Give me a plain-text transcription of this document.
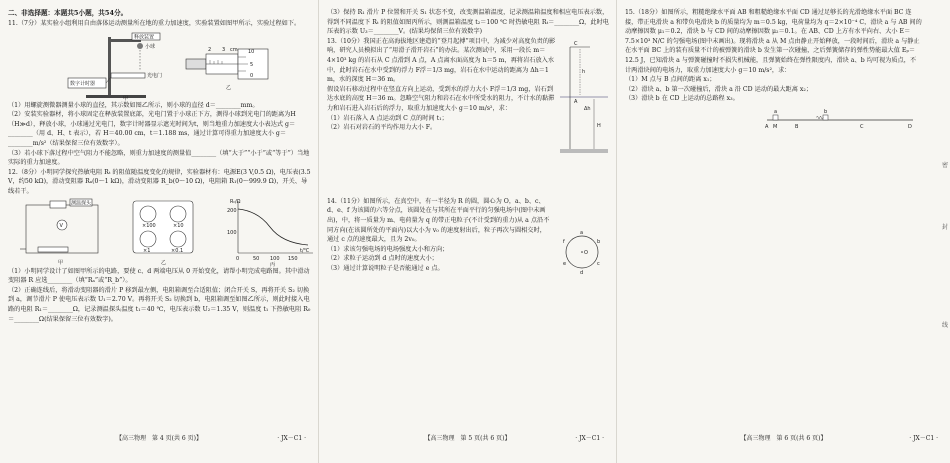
二、非选择题：本题共5小题，共54分。

11.（7分）某实验小组利用自由落体运动测量所在地的重力加速度，实验装置如图甲所示，实验过程如下。

释放装置
小球
光电门
数字计时器
甲
10
5
0
2 3 cm
乙

（1）用螺旋测微器测量小球的直径，其示数如图乙所示，则小球的直径 d＝________mm。

（2）安装实验器材，将小球固定在释放装置底部，光电门置于小球正下方，测得小球到光电门的距离为H（H≫d），释放小球，小球通过光电门，数字计时器显示遮光时间为t，则当地重力加速度大小表达式 g＝________（用 d、H、t 表示），若 H＝40.00 cm，t＝1.188 ms，通过计算可得重力加速度大小 g＝________m/s²（结果保留三位有效数字）。

（3）若小球下落过程中空气阻力不能忽略，则重力加速度的测量值________（填“大于”“小于”或“等于”）当地实际的重力加速度。

12.（8分）小明同学探究热敏电阻 Rₜ 的阻值随温度变化的规律，实验器材有：电源E(3 V,0.5 Ω)，电压表(3.5 V，约50 kΩ)，滑动变阻器 Rₐ(0～1 kΩ)，滑动变阻器 R_b(0～10 Ω)，电阻箱 R₁(0～999.9 Ω)，开关、导线若干。

测温探头
V
甲
×100	×10
×1	×0.1
乙
Rₜ/Ω
200
100
0	50 100 150
t/℃
丙

（1）小明同学设计了如图甲所示的电路，要使 c、d 两端电压从 0 开始变化，请帮小明完成电路图。其中滑动变阻器 R 应选________（填“Rₐ”或“R_b”）。

（2）正确连线后，将滑动变阻器的滑片 P 移到最左侧，电阻箱调至合适阻值；闭合开关 S，再将开关 S₂ 切换到 a，调节滑片 P 使电压表示数 U₁＝2.70 V。再将开关 S₂ 切换到 b，电阻箱调至如图乙所示，则此时接入电路的电阻 R₁＝________Ω，记录测温探头温度 t₁＝40 ℃，电压表示数 U₂＝1.35 V，则温度 t₁ 下热敏电阻 R₀＝________Ω(结果保留三位有效数字)。

【高三物理　第 4 页(共 6 页)】	· JX－C1 ·

（3）保持 R₁ 滑片 P 位置和开关 S₁ 状态不变，改变测温箱温度，记录测温箱温度和相应电压表示数，得到不同温度下 Rₜ 的阻值如图丙所示，则测温箱温度 t₂＝100 ℃ 时热敏电阻 Rₜ＝________Ω，此时电压表的示数 U₃＝________V。(结果均保留三位有效数字)

13.（10分）我国正在高海拔地区建造的“登月起搏”项目中，为减少对高度负责的影响，研究人员模拟出了“用滑子滑开岩石”的办法。某次测试中，采用一段长 m＝4×10³ kg 的岩石从 C 点滑到 A 点，A 点离水面高度为 h＝5 m，再将岩石放入水中，此时岩石在水中受到的浮力 F浮＝1/3 mg，岩石在水中运动的距离为 Δh＝1 m，水的深度 H＝36 m。

假设岩石移动过程中在竖直方向上运动，受到水的浮力大小 F浮＝1/3 mg，岩石到达水底的高度 H＝36 m。忽略空气阻力和岩石在水中所受水的阻力，不计水的黏滞力和岩石进入岩石后的浮力，取重力加速度大小 g＝10 m/s²，求：

（1）岩石落入 A 点运动到 C 点的时间 t₁；

（2）岩石对岩石的平均作用力大小 F。

C
h
A
Δh
H

14.（11分）如图所示，在真空中，有一半径为 R 的圆，圆心为 O，a、b、c、d、e、f 为该圆的六等分点，该圆处在与其所在平面平行的匀强电场中(图中未画出)，中，将一质量为 m、电荷量为 q 的带正电粒子(不计受到的重力)从 a 点沿不同方向(在该圆所处的平面内)以大小为 v₀ 的速度射出后，粒子再次与圆相交时，通过 c 点的速度最大，且为 2v₀。

（1）求该匀强电场的电场强度大小和方向；

（2）求粒子运动到 d 点时的速度大小；

（3）通过计算说明粒子是否能通过 e 点。

O
a
b
c
d
e
f
【高三物理　第 5 页(共 6 页)】	· JX－C1 ·

15.（18分）如图所示，粗糙绝缘水平面 AB 和粗糙绝缘水平面 CD 通过足够长的光滑绝缘水平面 BC 连接，带正电滑块 a 和带负电滑块 b 的质量均为 m＝0.5 kg，电荷量均为 q＝2×10⁻⁴ C，滑块 a 与 AB 间的动摩擦因数 μ₁＝0.2，滑块 b 与 CD 间的动摩擦因数 μ₂＝0.1。在 AB、CD 上方有水平向右、大小 E＝7.5×10³ N/C 的匀强电场(图中未画出)。现将滑块 a 从 M 点由静止开始释放，一段时间后，滑块 a 与静止在水平面 BC 上的装有质量不计的被弹簧的滑块 b 发生第一次碰撞，之后弹簧储存的弹性势能最大值 Eₚ＝12.5 J，已知滑块 a 与弹簧碰撞时不损失机械能，且弹簧始终在弹性限度内，滑块 a、b 均可视为质点，不计两滑块间的电场力，取重力加速度大小 g＝10 m/s²，求：

（1）M 点与 B 点间的距离 x₁；

（2）滑块 a、b 第一次碰撞后，滑块 a 沿 CD 运动的最大距离 x₂；

（3）滑块 b 在 CD 上运动的总路程 x₃。

a	b
A M	B	C	D
密
封
线
【高三物理　第 6 页(共 6 页)】	· JX－C1 ·
